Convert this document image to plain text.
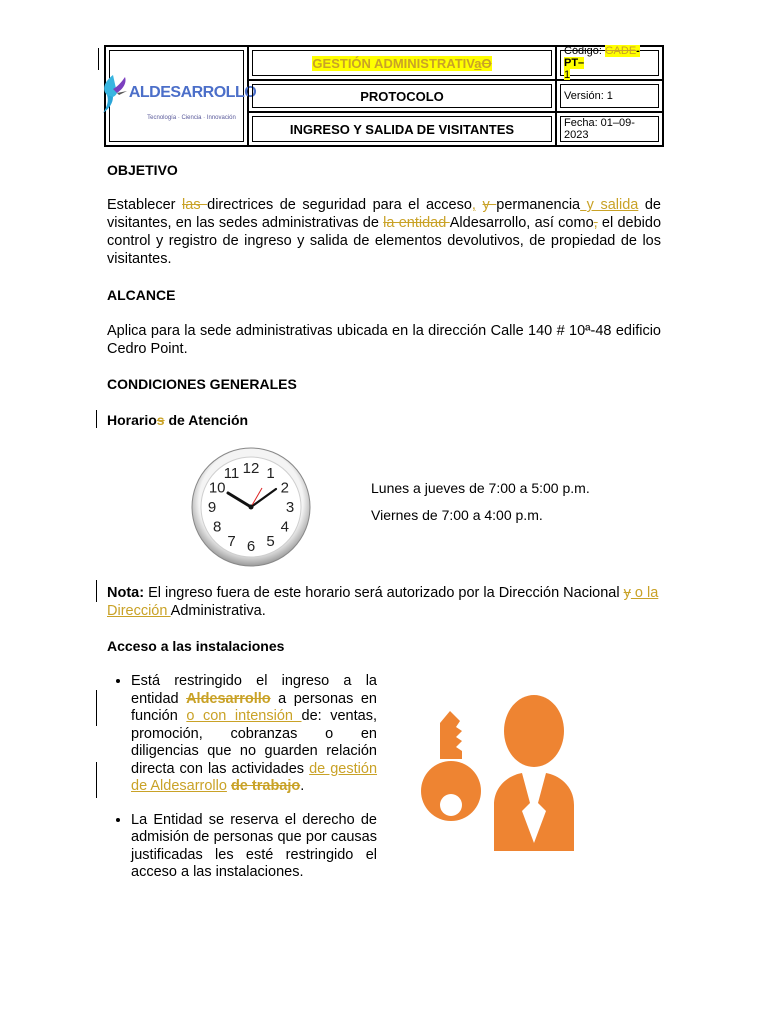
ALDESARROLLO
Tecnología · Ciencia · Innovación
GESTIÓN ADMINISTRATIVaO
Código: GADE-PT–
1
PROTOCOLO	Versión: 1
INGRESO Y SALIDA DE VISITANTES	Fecha: 01–09-2023
OBJETIVO
Establecer las directrices de seguridad para el acceso, y permanencia y salida de visitantes, en las sedes administrativas de la entidad Aldesarrollo, así como, el debido control y registro de ingreso y salida de elementos devolutivos, de propiedad de los visitantes.
ALCANCE
Aplica para la sede administrativas ubicada en la dirección Calle 140 # 10ª-48 edificio Cedro Point.
CONDICIONES GENERALES
Horarios de Atención
12 1
2
3
4
5
6
7
8
9
10
11
Lunes a jueves de 7:00 a 5:00 p.m.
Viernes de 7:00 a 4:00 p.m.
Nota: El ingreso fuera de este horario será autorizado por la Dirección Nacional y o la Dirección Administrativa.
Acceso a las instalaciones
• Está restringido el ingreso a la entidad Aldesarrollo a personas en función o con intensión de: ventas, promoción, cobranzas o en diligencias que no guarden relación directa con las actividades de gestión de Aldesarrollo de trabajo.
• La Entidad se reserva el derecho de admisión de personas que por causas justificadas les esté restringido el acceso a las instalaciones.
